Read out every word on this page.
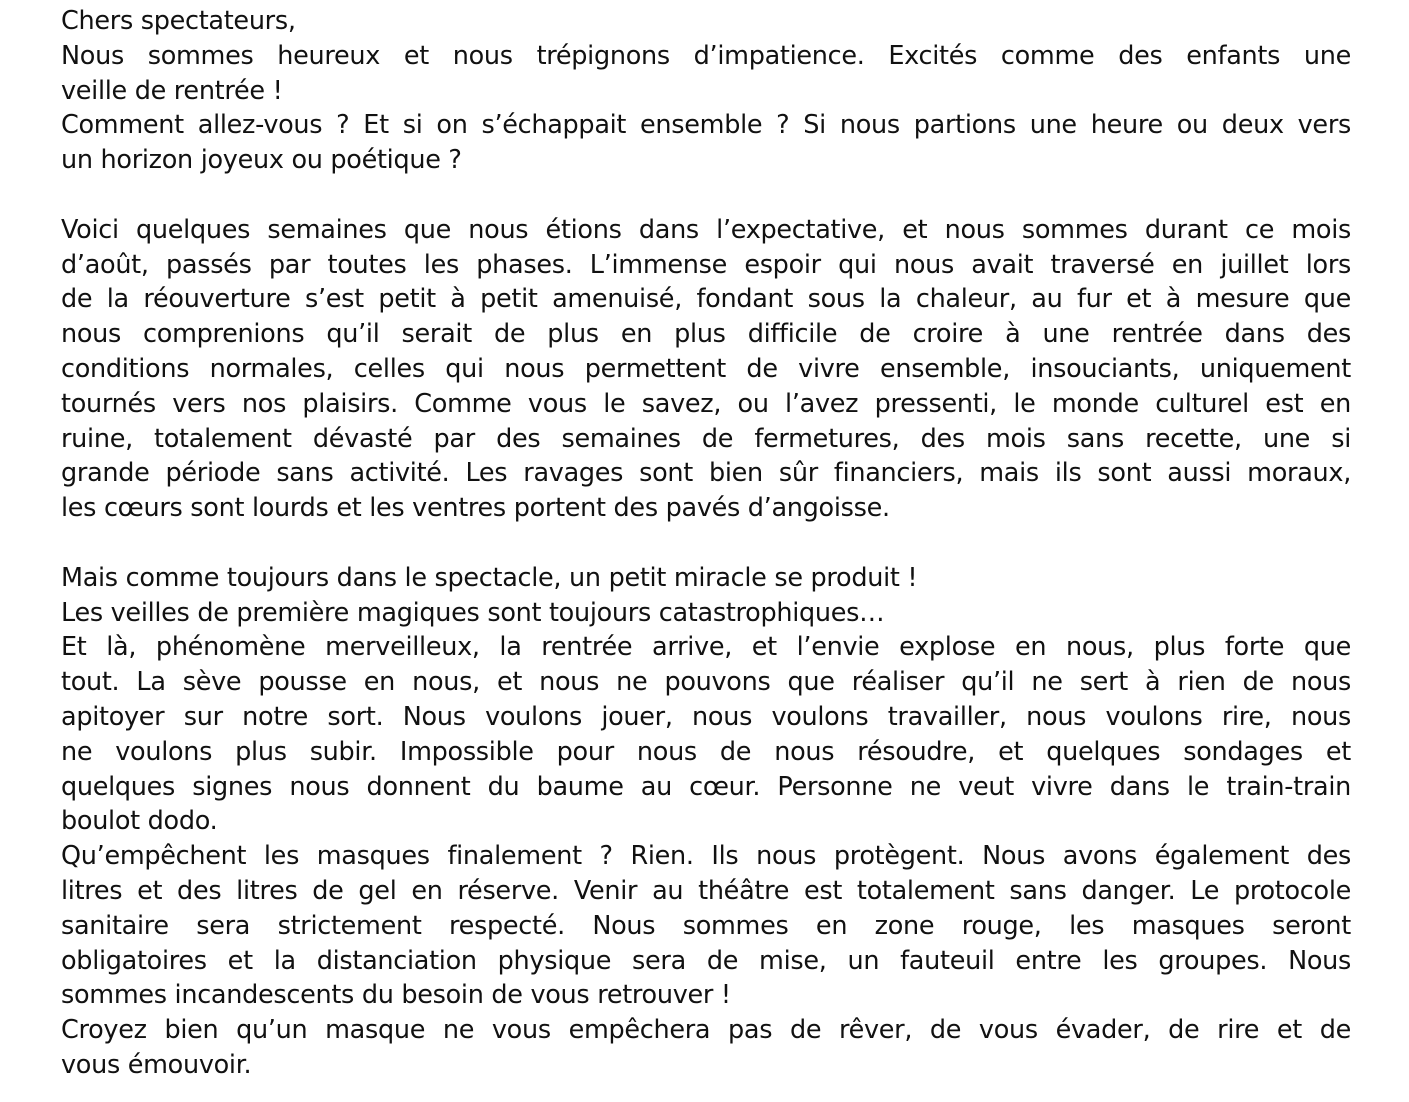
Chers spectateurs,
Nous sommes heureux et nous trépignons d’impatience. Excités comme des enfants une
veille de rentrée !
Comment allez-vous ? Et si on s’échappait ensemble ? Si nous partions une heure ou deux vers
un horizon joyeux ou poétique ?
Voici quelques semaines que nous étions dans l’expectative, et nous sommes durant ce mois
d’août, passés par toutes les phases. L’immense espoir qui nous avait traversé en juillet lors
de la réouverture s’est petit à petit amenuisé, fondant sous la chaleur, au fur et à mesure que
nous comprenions qu’il serait de plus en plus difficile de croire à une rentrée dans des
conditions normales, celles qui nous permettent de vivre ensemble, insouciants, uniquement
tournés vers nos plaisirs. Comme vous le savez, ou l’avez pressenti, le monde culturel est en
ruine, totalement dévasté par des semaines de fermetures, des mois sans recette, une si
grande période sans activité. Les ravages sont bien sûr financiers, mais ils sont aussi moraux,
les cœurs sont lourds et les ventres portent des pavés d’angoisse.
Mais comme toujours dans le spectacle, un petit miracle se produit !
Les veilles de première magiques sont toujours catastrophiques…
Et là, phénomène merveilleux, la rentrée arrive, et l’envie explose en nous, plus forte que
tout. La sève pousse en nous, et nous ne pouvons que réaliser qu’il ne sert à rien de nous
apitoyer sur notre sort. Nous voulons jouer, nous voulons travailler, nous voulons rire, nous
ne voulons plus subir. Impossible pour nous de nous résoudre, et quelques sondages et
quelques signes nous donnent du baume au cœur. Personne ne veut vivre dans le train-train
boulot dodo.
Qu’empêchent les masques finalement ? Rien. Ils nous protègent. Nous avons également des
litres et des litres de gel en réserve. Venir au théâtre est totalement sans danger. Le protocole
sanitaire sera strictement respecté. Nous sommes en zone rouge, les masques seront
obligatoires et la distanciation physique sera de mise, un fauteuil entre les groupes. Nous
sommes incandescents du besoin de vous retrouver !
Croyez bien qu’un masque ne vous empêchera pas de rêver, de vous évader, de rire et de
vous émouvoir.
